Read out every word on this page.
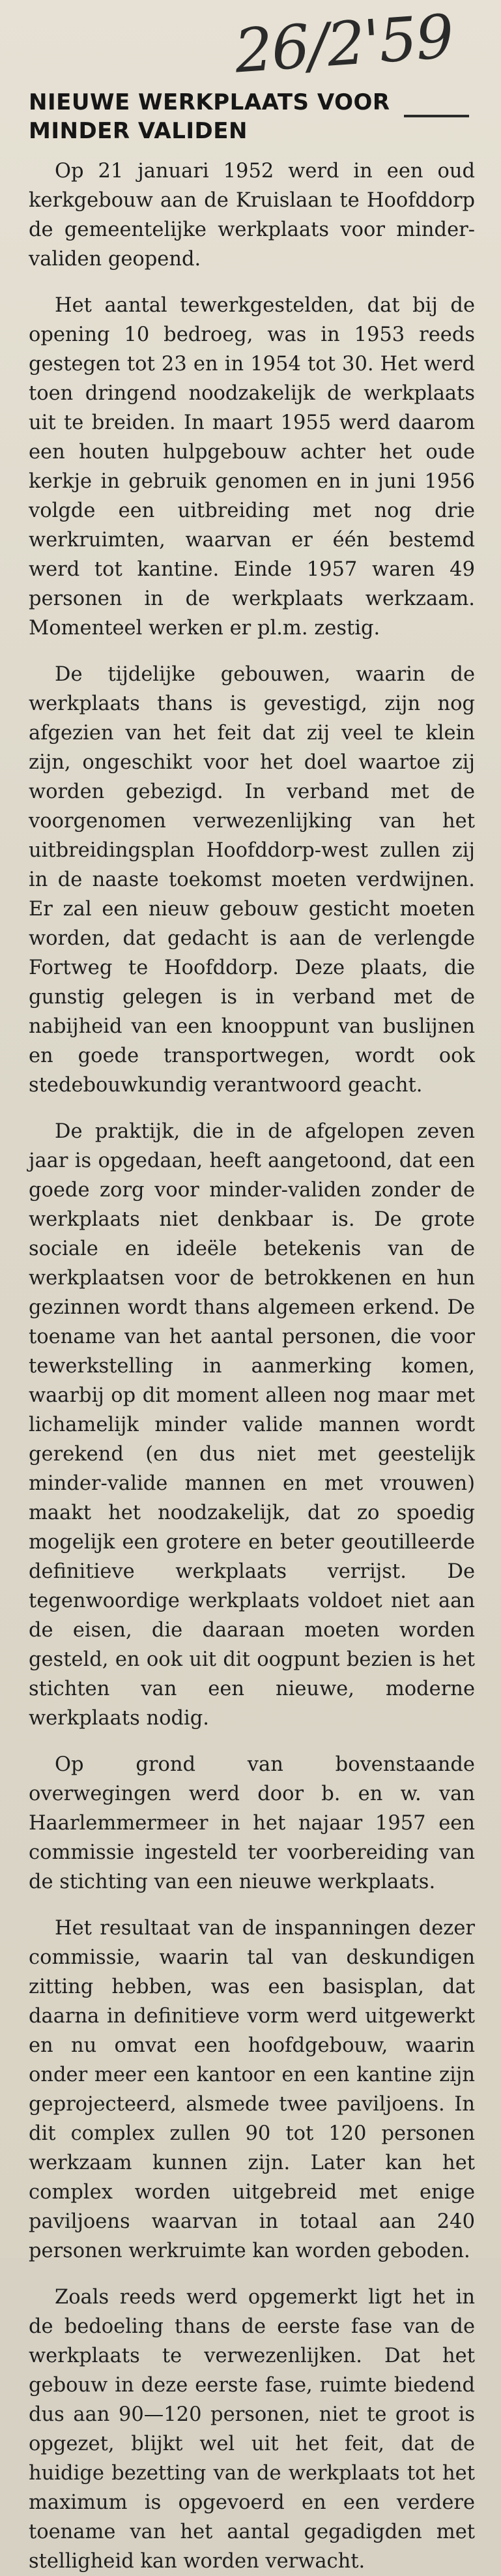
26/2'59
NIEUWE WERKPLAATS VOOR
MINDER VALIDEN

Op 21 januari 1952 werd in een oud kerkgebouw aan de Kruislaan te Hoofddorp de gemeentelijke werkplaats voor minder-validen geopend.

Het aantal tewerkgestelden, dat bij de opening 10 bedroeg, was in 1953 reeds gestegen tot 23 en in 1954 tot 30. Het werd toen dringend noodzakelijk de werkplaats uit te breiden. In maart 1955 werd daarom een houten hulpgebouw achter het oude kerkje in gebruik genomen en in juni 1956 volgde een uitbreiding met nog drie werkruimten, waarvan er één bestemd werd tot kantine. Einde 1957 waren 49 personen in de werkplaats werkzaam. Momenteel werken er pl.m. zestig.

De tijdelijke gebouwen, waarin de werkplaats thans is gevestigd, zijn nog afgezien van het feit dat zij veel te klein zijn, ongeschikt voor het doel waartoe zij worden gebezigd. In verband met de voorgenomen verwezenlijking van het uitbreidingsplan Hoofddorp-west zullen zij in de naaste toekomst moeten verdwijnen. Er zal een nieuw gebouw gesticht moeten worden, dat gedacht is aan de verlengde Fortweg te Hoofddorp. Deze plaats, die gunstig gelegen is in verband met de nabijheid van een knooppunt van buslijnen en goede transportwegen, wordt ook stedebouwkundig verantwoord geacht.

De praktijk, die in de afgelopen zeven jaar is opgedaan, heeft aangetoond, dat een goede zorg voor minder-validen zonder de werkplaats niet denkbaar is. De grote sociale en ideële betekenis van de werkplaatsen voor de betrokkenen en hun gezinnen wordt thans algemeen erkend. De toename van het aantal personen, die voor tewerkstelling in aanmerking komen, waarbij op dit moment alleen nog maar met lichamelijk minder valide mannen wordt gerekend (en dus niet met geestelijk minder-valide mannen en met vrouwen) maakt het noodzakelijk, dat zo spoedig mogelijk een grotere en beter geoutilleerde definitieve werkplaats verrijst. De tegenwoordige werkplaats voldoet niet aan de eisen, die daaraan moeten worden gesteld, en ook uit dit oogpunt bezien is het stichten van een nieuwe, moderne werkplaats nodig.

Op grond van bovenstaande overwegingen werd door b. en w. van Haarlemmermeer in het najaar 1957 een commissie ingesteld ter voorbereiding van de stichting van een nieuwe werkplaats.

Het resultaat van de inspanningen dezer commissie, waarin tal van deskundigen zitting hebben, was een basisplan, dat daarna in definitieve vorm werd uitgewerkt en nu omvat een hoofdgebouw, waarin onder meer een kantoor en een kantine zijn geprojecteerd, alsmede twee paviljoens. In dit complex zullen 90 tot 120 personen werkzaam kunnen zijn. Later kan het complex worden uitgebreid met enige paviljoens waarvan in totaal aan 240 personen werkruimte kan worden geboden.

Zoals reeds werd opgemerkt ligt het in de bedoeling thans de eerste fase van de werkplaats te verwezenlijken. Dat het gebouw in deze eerste fase, ruimte biedend dus aan 90—120 personen, niet te groot is opgezet, blijkt wel uit het feit, dat de huidige bezetting van de werkplaats tot het maximum is opgevoerd en een verdere toename van het aantal gegadigden met stelligheid kan worden verwacht.
